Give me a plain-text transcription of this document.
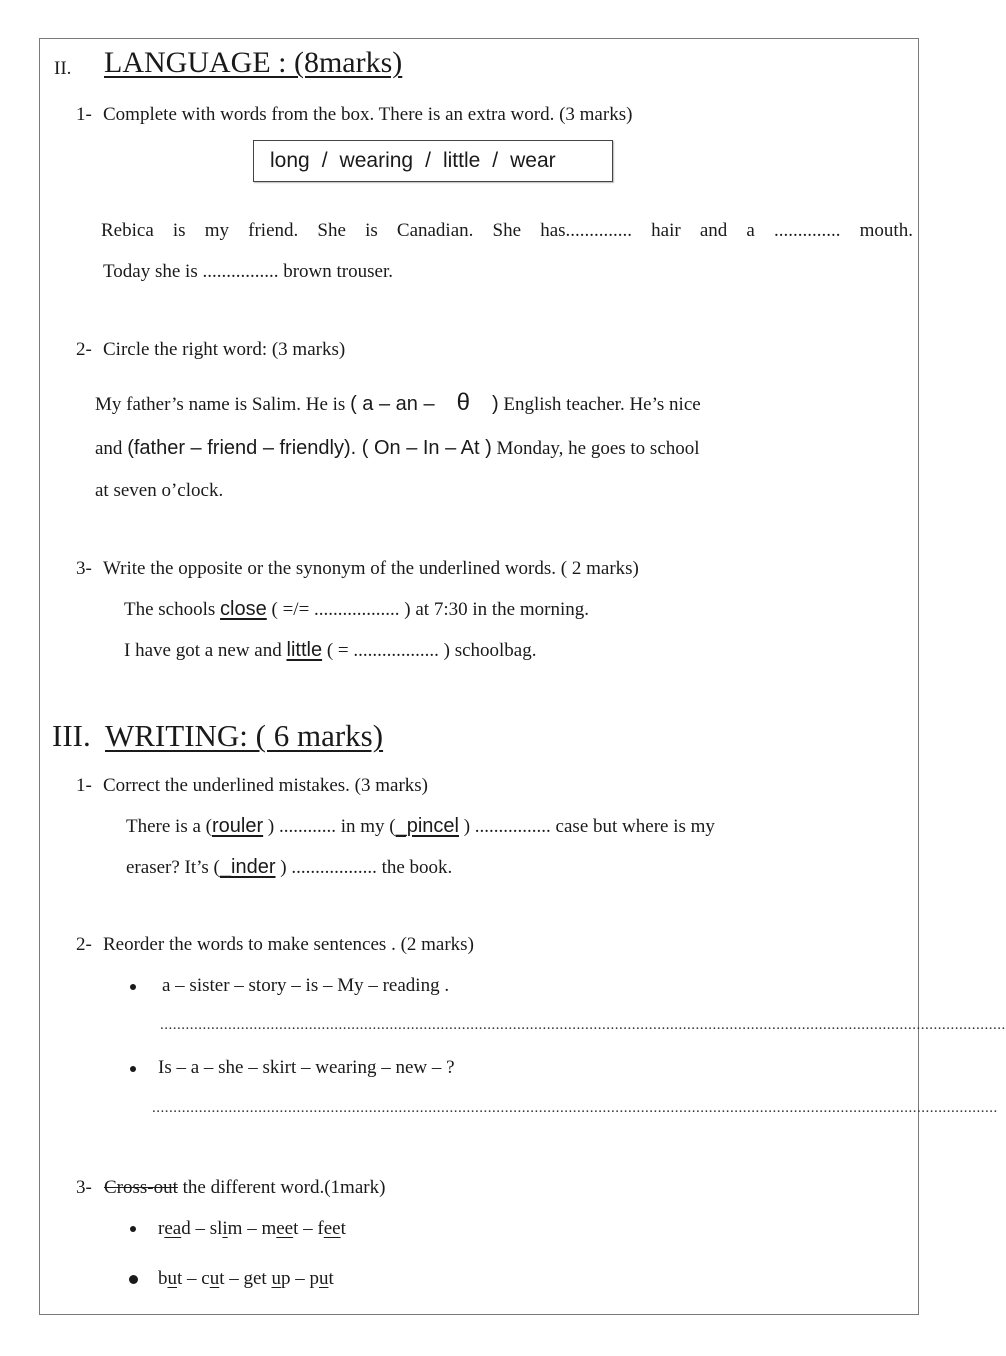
II. LANGUAGE : (8marks)
1- Complete with words from the box. There is an extra word. (3 marks)
long / wearing / little / wear
Rebica is my friend. She is Canadian. She has.............. hair and a .............. mouth.
Today she is ................ brown trouser.
2- Circle the right word: (3 marks)
My father’s name is Salim. He is ( a – an – θ ) English teacher. He’s nice
and (father – friend – friendly). ( On – In – At ) Monday, he goes to school
at seven o’clock.
3- Write the opposite or the synonym of the underlined words. ( 2 marks)
The schools close ( =/= .................. ) at 7:30 in the morning.
I have got a new and little ( = .................. ) schoolbag.
III. WRITING: ( 6 marks)
1- Correct the underlined mistakes. (3 marks)
There is a (rouler ) ............ in my (_pincel ) ................ case but where is my
eraser? It’s (_inder ) .................. the book.
2- Reorder the words to make sentences . (2 marks)
a – sister – story – is – My – reading .
.......................................................................................................................................................................................................
Is – a – she – skirt – wearing – new – ?
.......................................................................................................................................................................................................
3- Cross-out the different word.(1mark)
read – slim – meet – feet
but – cut – get up – put
